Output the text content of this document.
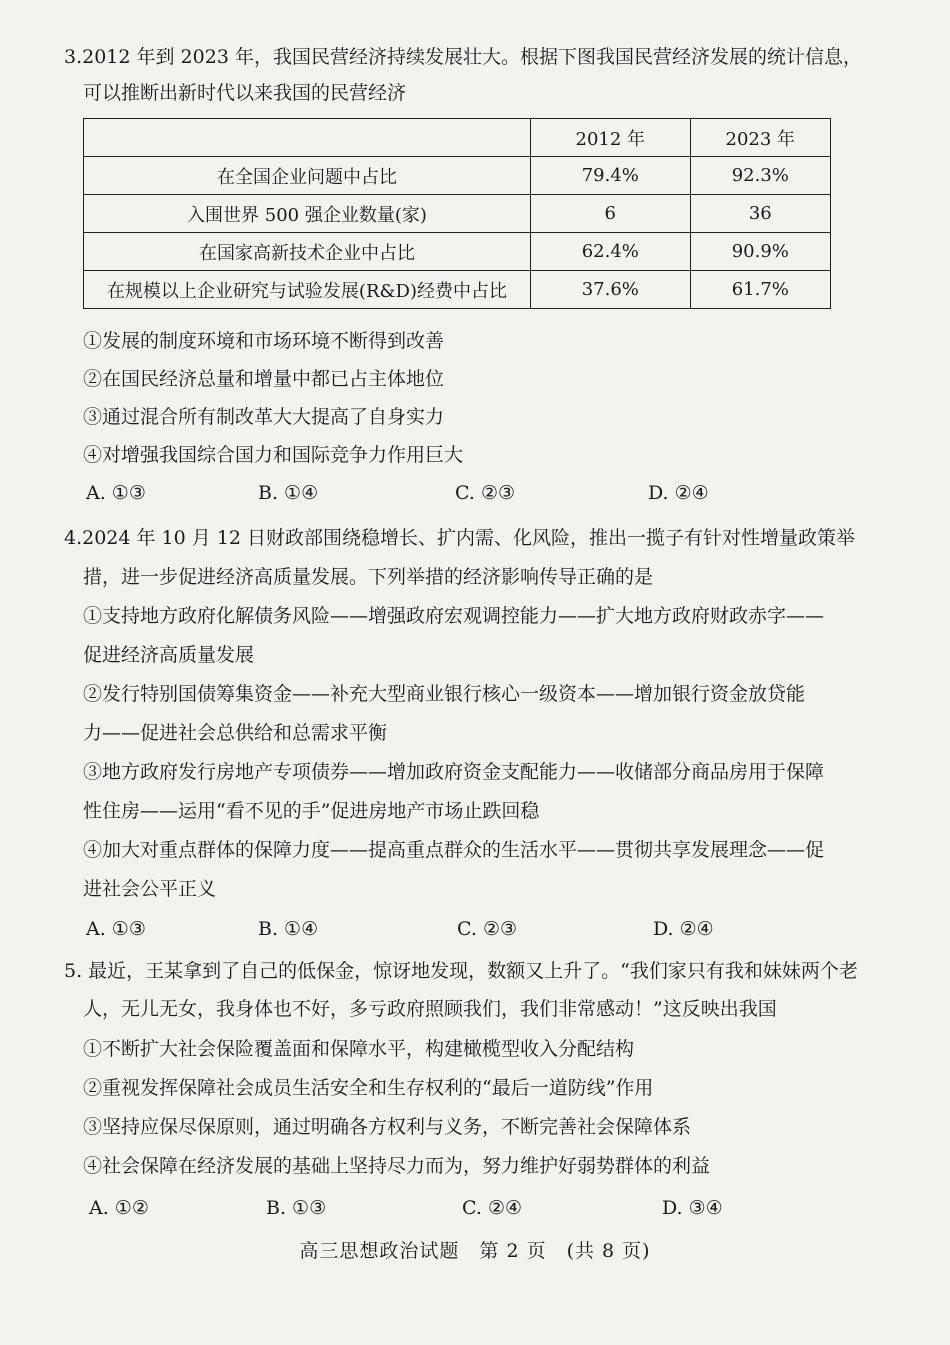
3.2012 年到 2023 年，我国民营经济持续发展壮大。根据下图我国民营经济发展的统计信息，
可以推断出新时代以来我国的民营经济
	2012 年	2023 年
在全国企业问题中占比	79.4%	92.3%
入围世界 500 强企业数量(家)	6	36
在国家高新技术企业中占比	62.4%	90.9%
在规模以上企业研究与试验发展(R&D)经费中占比	37.6%	61.7%
①发展的制度环境和市场环境不断得到改善
②在国民经济总量和增量中都已占主体地位
③通过混合所有制改革大大提高了自身实力
④对增强我国综合国力和国际竞争力作用巨大
A. ①③	B. ①④	C. ②③	D. ②④
4.2024 年 10 月 12 日财政部围绕稳增长、扩内需、化风险，推出一揽子有针对性增量政策举
措，进一步促进经济高质量发展。下列举措的经济影响传导正确的是
①支持地方政府化解债务风险——增强政府宏观调控能力——扩大地方政府财政赤字——
促进经济高质量发展
②发行特别国债筹集资金——补充大型商业银行核心一级资本——增加银行资金放贷能
力——促进社会总供给和总需求平衡
③地方政府发行房地产专项债券——增加政府资金支配能力——收储部分商品房用于保障
性住房——运用“看不见的手”促进房地产市场止跌回稳
④加大对重点群体的保障力度——提高重点群众的生活水平——贯彻共享发展理念——促
进社会公平正义
A. ①③	B. ①④	C. ②③	D. ②④
5. 最近，王某拿到了自己的低保金，惊讶地发现，数额又上升了。“我们家只有我和妹妹两个老
人，无儿无女，我身体也不好，多亏政府照顾我们，我们非常感动！”这反映出我国
①不断扩大社会保险覆盖面和保障水平，构建橄榄型收入分配结构
②重视发挥保障社会成员生活安全和生存权利的“最后一道防线”作用
③坚持应保尽保原则，通过明确各方权利与义务，不断完善社会保障体系
④社会保障在经济发展的基础上坚持尽力而为，努力维护好弱势群体的利益
A. ①②	B. ①③	C. ②④	D. ③④
高三思想政治试题　第 2 页　(共 8 页)
